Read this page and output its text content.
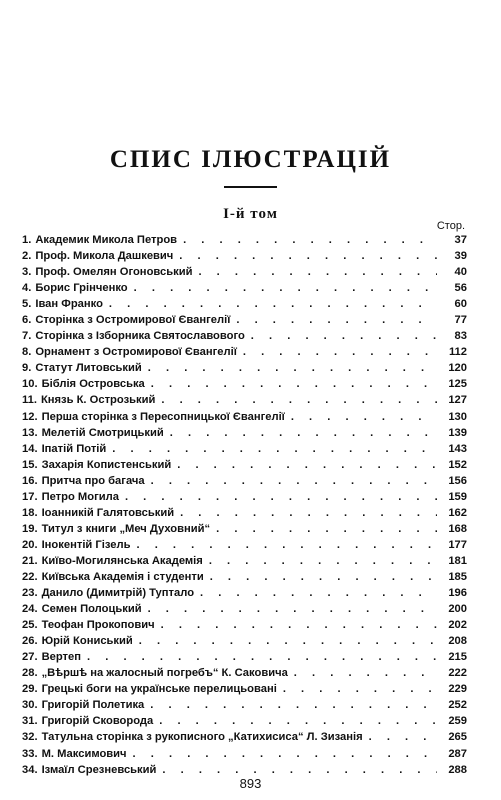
СПИС ІЛЮСТРАЦІЙ
I-й том
Стор.
1. Академик Микола Петров . . .	37
2. Проф. Микола Дашкевич . . .	39
3. Проф. Омелян Огоновський . . .	40
4. Борис Грінченко . . .	56
5. Іван Франко . . .	60
6. Сторінка з Остромирової Євангелії . . .	77
7. Сторінка з Ізборника Святославового . . .	83
8. Орнамент з Остромирової Євангелії . . .	112
9. Статут Литовський . . .	120
10. Біблія Островська . . .	125
11. Князь К. Острозький . . .	127
12. Перша сторінка з Пересопницької Євангелії . . .	130
13. Мелетій Смотрицький . . .	139
14. Іпатій Потій . . .	143
15. Захарія Копистенський . . .	152
16. Притча про багача . . .	156
17. Петро Могила . . .	159
18. Іоанникій Галятовський . . .	162
19. Титул з книги „Меч Духовний“ . . .	168
20. Інокентій Гізель . . .	177
21. Київо-Могилянська Академія . . .	181
22. Київська Академія і студенти . . .	185
23. Данило (Димитрій) Туптало . . .	196
24. Семен Полоцький . . .	200
25. Теофан Прокопович . . .	202
26. Юрій Кониський . . .	208
27. Вертеп . . .	215
28. „Вѣршѣ на жалосный погребъ“ К. Саковича . . .	222
29. Грецькі боги на українське перелицьовані . . .	229
30. Григорій Полетика . . .	252
31. Григорій Сковорода . . .	259
32. Татульна сторінка з рукописного „Катихисиса“ Л. Зизанія . . .	265
33. М. Максимович . . .	287
34. Ізмаїл Срезневський . . .	288
893
